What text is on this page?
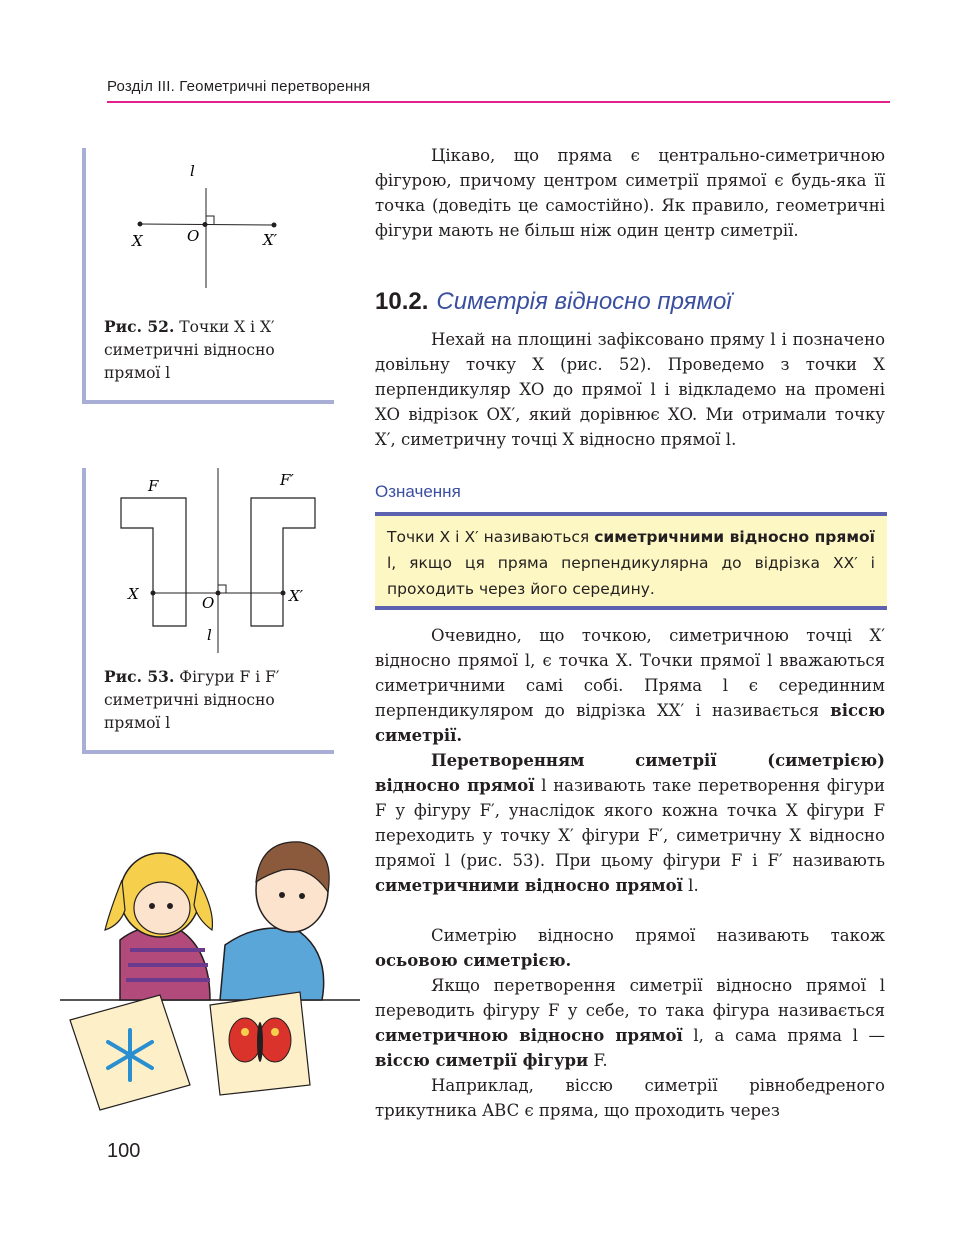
Розділ III. Геометричні перетворення
l
X	O	X′
Рис. 52. Точки X і X′ симетричні відносно прямої l
F	F′
X	O	X′
l
Рис. 53. Фігури F і F′ симетричні відносно прямої l

Цікаво, що пряма є центрально-симетричною фігурою, причому центром симетрії прямої є будь-яка її точка (доведіть це самостійно). Як правило, геометричні фігури мають не більш ніж один центр симетрії.

10.2. Симетрія відносно прямої

Нехай на площині зафіксовано пряму l і позначено довільну точку X (рис. 52). Проведемо з точки X перпендикуляр XO до прямої l і відкладемо на промені XO відрізок OX′, який дорівнює XO. Ми отримали точку X′, симетричну точці X відносно прямої l.

Означення
Точки X і X′ називаються симетричними відносно прямої l, якщо ця пряма перпендикулярна до відрізка XX′ і проходить через його середину.

Очевидно, що точкою, симетричною точці X′ відносно прямої l, є точка X. Точки прямої l вважаються симетричними самі собі. Пряма l є серединним перпендикуляром до відрізка XX′ і називається віссю симетрії.

Перетворенням симетрії (симетрією) відносно прямої l називають таке перетворення фігури F у фігуру F′, унаслідок якого кожна точка X фігури F переходить у точку X′ фігури F′, симетричну X відносно прямої l (рис. 53). При цьому фігури F і F′ називають симетричними відносно прямої l.

Симетрію відносно прямої називають також осьовою симетрією.

Якщо перетворення симетрії відносно прямої l переводить фігуру F у себе, то така фігура називається симетричною відносно прямої l, а сама пряма l — віссю симетрії фігури F.

Наприклад, віссю симетрії рівнобедреного трикутника ABC є пряма, що проходить через

100
